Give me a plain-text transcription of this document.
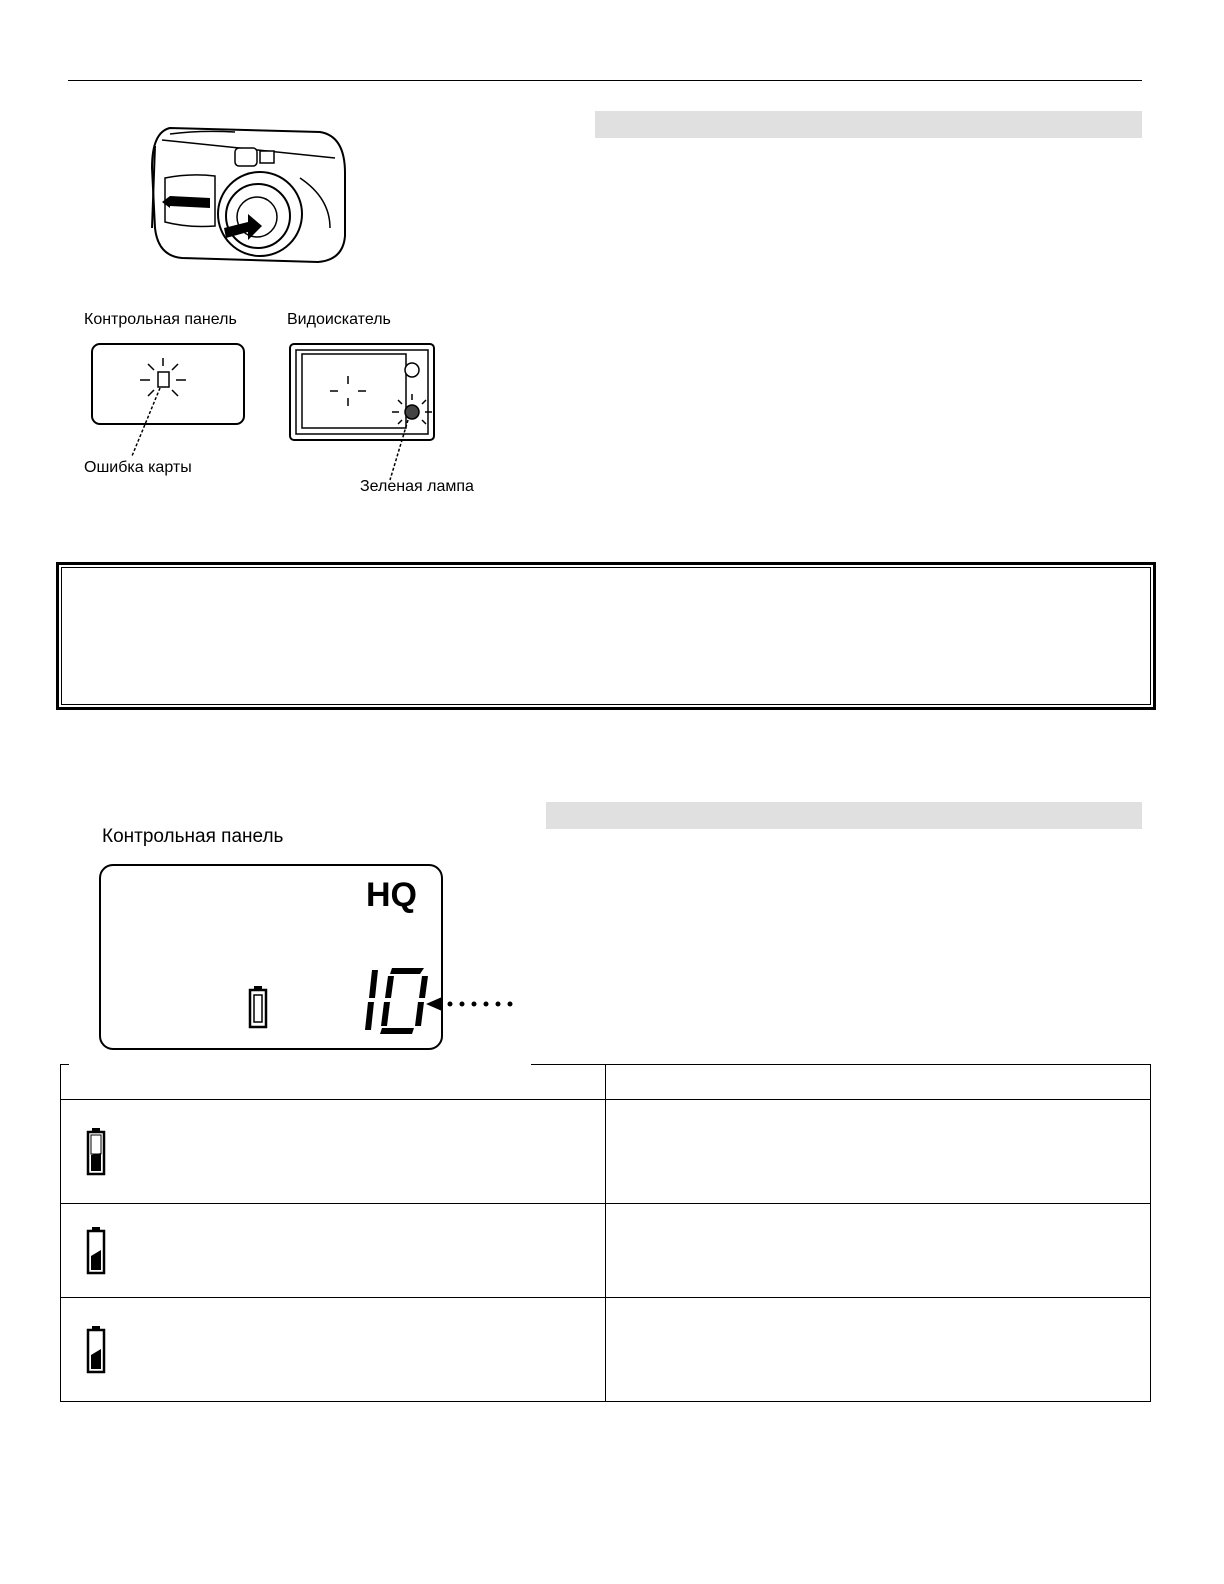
Контрольная панель	Видоискатель
Ошибка карты
Зеленая лампа
Контрольная панель
HQ
